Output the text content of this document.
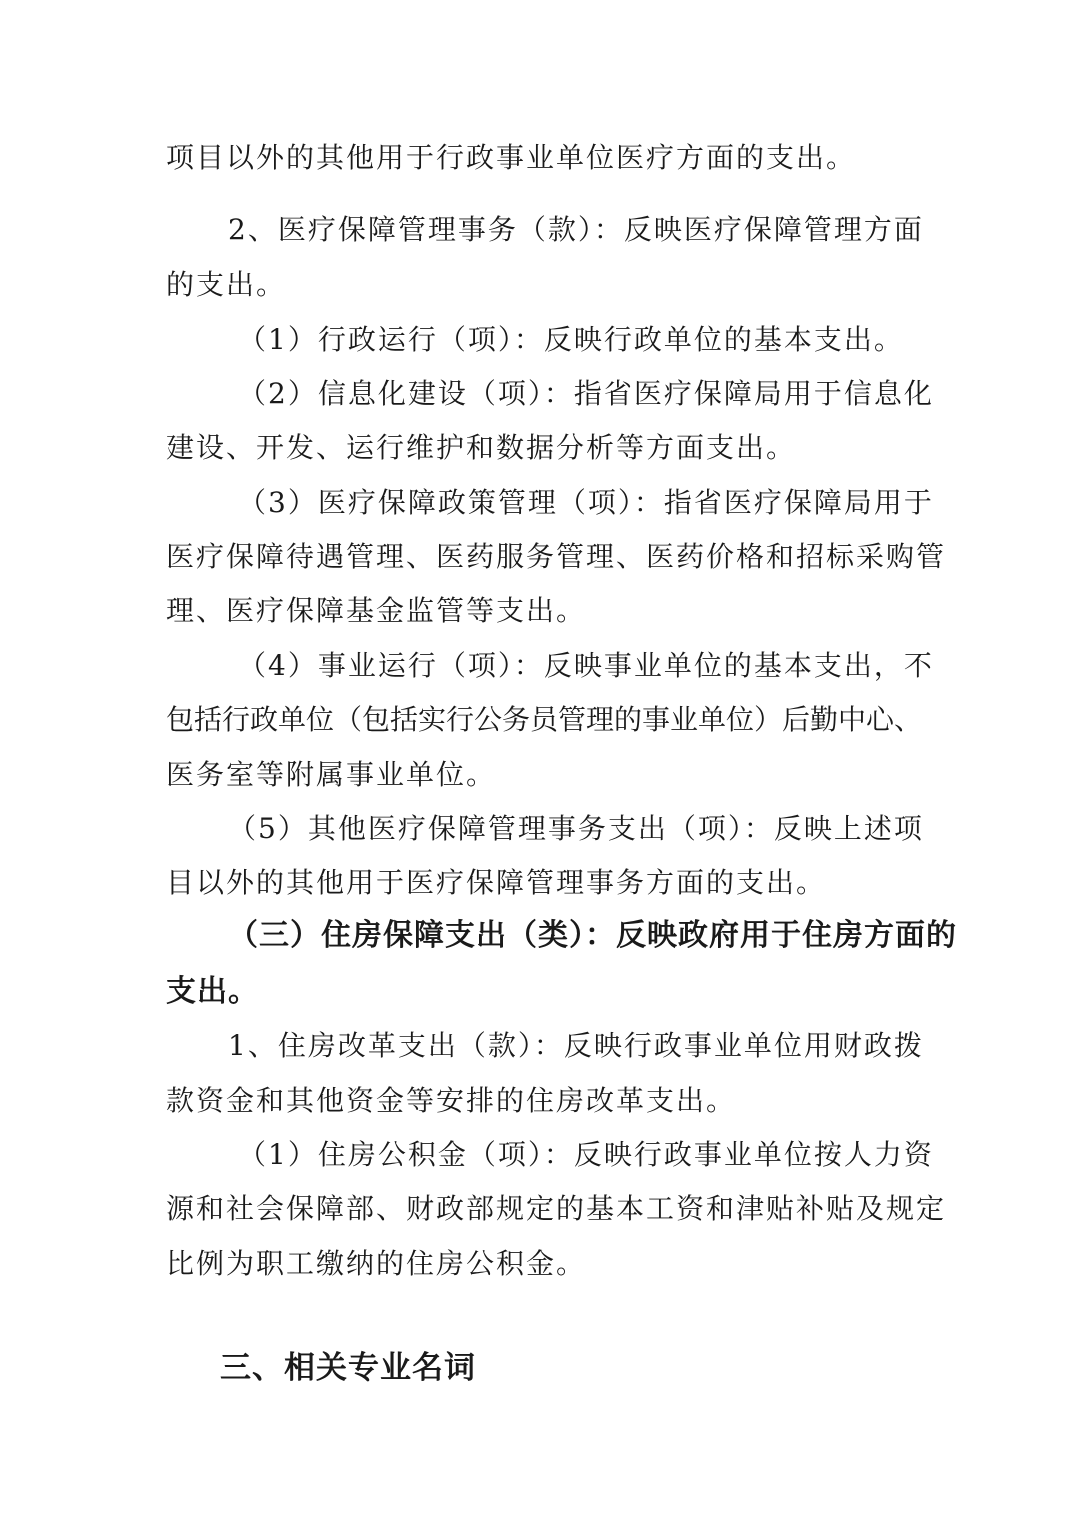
项目以外的其他用于行政事业单位医疗方面的支出。
2、医疗保障管理事务（款）：反映医疗保障管理方面
的支出。
（1）行政运行（项）：反映行政单位的基本支出。
（2）信息化建设（项）：指省医疗保障局用于信息化
建设、开发、运行维护和数据分析等方面支出。
（3）医疗保障政策管理（项）：指省医疗保障局用于
医疗保障待遇管理、医药服务管理、医药价格和招标采购管
理、医疗保障基金监管等支出。
（4）事业运行（项）：反映事业单位的基本支出，不
包括行政单位（包括实行公务员管理的事业单位）后勤中心、
医务室等附属事业单位。
（5）其他医疗保障管理事务支出（项）：反映上述项
目以外的其他用于医疗保障管理事务方面的支出。
（三）住房保障支出（类）：反映政府用于住房方面的
支出。
1、住房改革支出（款）：反映行政事业单位用财政拨
款资金和其他资金等安排的住房改革支出。
（1）住房公积金（项）：反映行政事业单位按人力资
源和社会保障部、财政部规定的基本工资和津贴补贴及规定
比例为职工缴纳的住房公积金。
三、相关专业名词
